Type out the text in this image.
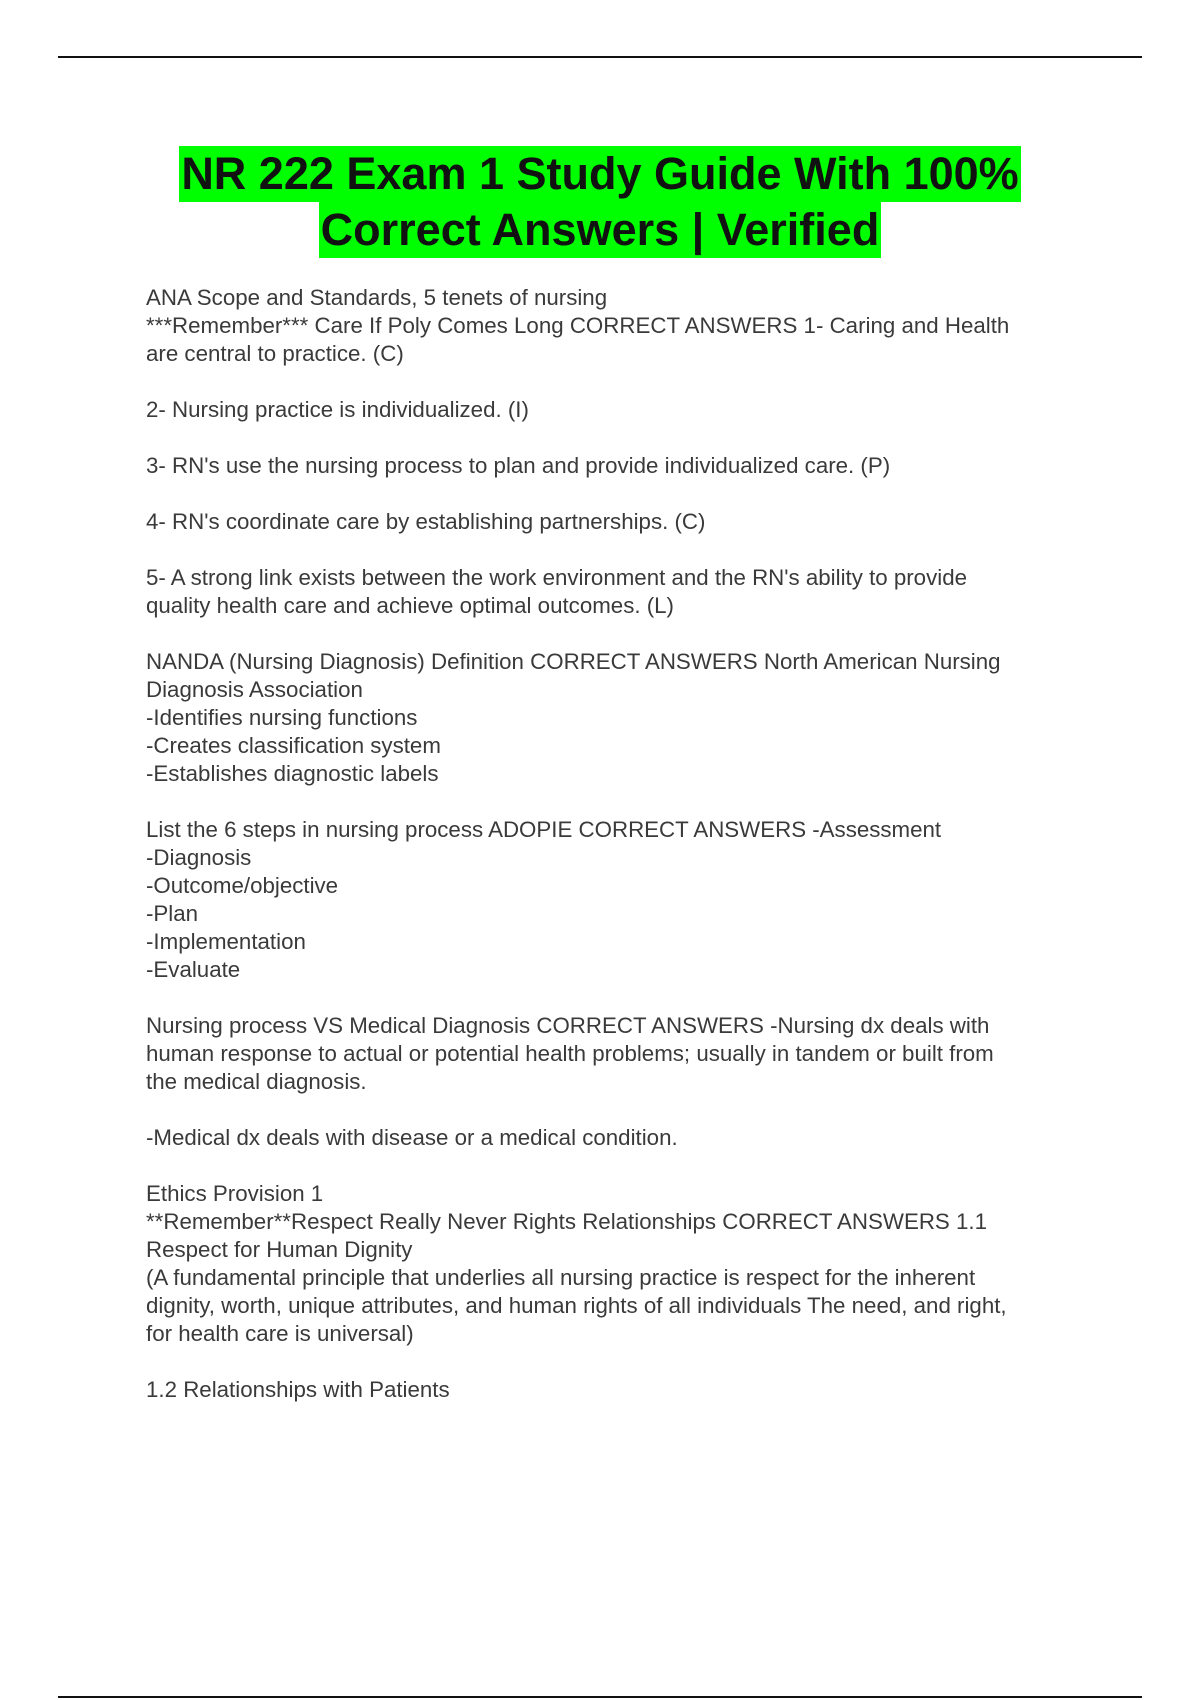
NR 222 Exam 1 Study Guide With 100%
Correct Answers | Verified
ANA Scope and Standards, 5 tenets of nursing
***Remember*** Care If Poly Comes Long CORRECT ANSWERS 1- Caring and Health
are central to practice. (C)
2- Nursing practice is individualized. (I)
3- RN's use the nursing process to plan and provide individualized care. (P)
4- RN's coordinate care by establishing partnerships. (C)
5- A strong link exists between the work environment and the RN's ability to provide
quality health care and achieve optimal outcomes. (L)
NANDA (Nursing Diagnosis) Definition CORRECT ANSWERS North American Nursing
Diagnosis Association
-Identifies nursing functions
-Creates classification system
-Establishes diagnostic labels
List the 6 steps in nursing process ADOPIE CORRECT ANSWERS -Assessment
-Diagnosis
-Outcome/objective
-Plan
-Implementation
-Evaluate
Nursing process VS Medical Diagnosis CORRECT ANSWERS -Nursing dx deals with
human response to actual or potential health problems; usually in tandem or built from
the medical diagnosis.
-Medical dx deals with disease or a medical condition.
Ethics Provision 1
**Remember**Respect Really Never Rights Relationships CORRECT ANSWERS 1.1
Respect for Human Dignity
(A fundamental principle that underlies all nursing practice is respect for the inherent
dignity, worth, unique attributes, and human rights of all individuals The need, and right,
for health care is universal)
1.2 Relationships with Patients
